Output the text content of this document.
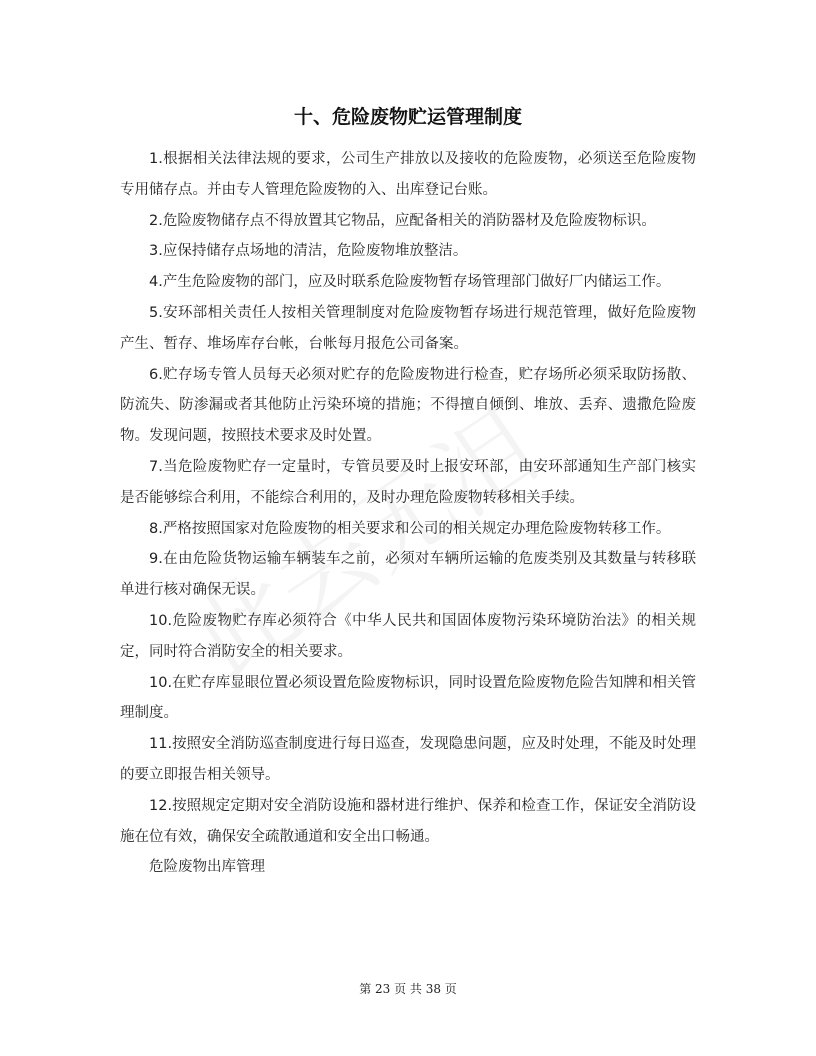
十、危险废物贮运管理制度

1.根据相关法律法规的要求，公司生产排放以及接收的危险废物，必须送至危险废物专用储存点。并由专人管理危险废物的入、出库登记台账。

2.危险废物储存点不得放置其它物品，应配备相关的消防器材及危险废物标识。

3.应保持储存点场地的清洁，危险废物堆放整洁。

4.产生危险废物的部门，应及时联系危险废物暂存场管理部门做好厂内储运工作。

5.安环部相关责任人按相关管理制度对危险废物暂存场进行规范管理，做好危险废物产生、暂存、堆场库存台帐，台帐每月报危公司备案。

6.贮存场专管人员每天必须对贮存的危险废物进行检查，贮存场所必须采取防扬散、防流失、防渗漏或者其他防止污染环境的措施；不得擅自倾倒、堆放、丢弃、遗撒危险废物。发现问题，按照技术要求及时处置。

7.当危险废物贮存一定量时，专管员要及时上报安环部，由安环部通知生产部门核实是否能够综合利用，不能综合利用的，及时办理危险废物转移相关手续。

8.严格按照国家对危险废物的相关要求和公司的相关规定办理危险废物转移工作。

9.在由危险货物运输车辆装车之前，必须对车辆所运输的危废类别及其数量与转移联单进行核对确保无误。

10.危险废物贮存库必须符合《中华人民共和国固体废物污染环境防治法》的相关规定，同时符合消防安全的相关要求。

10.在贮存库显眼位置必须设置危险废物标识，同时设置危险废物危险告知牌和相关管理制度。

11.按照安全消防巡查制度进行每日巡查，发现隐患问题，应及时处理，不能及时处理的要立即报告相关领导。

12.按照规定定期对安全消防设施和器材进行维护、保养和检查工作，保证安全消防设施在位有效，确保安全疏散通道和安全出口畅通。

危险废物出库管理

第 23 页 共 38 页
